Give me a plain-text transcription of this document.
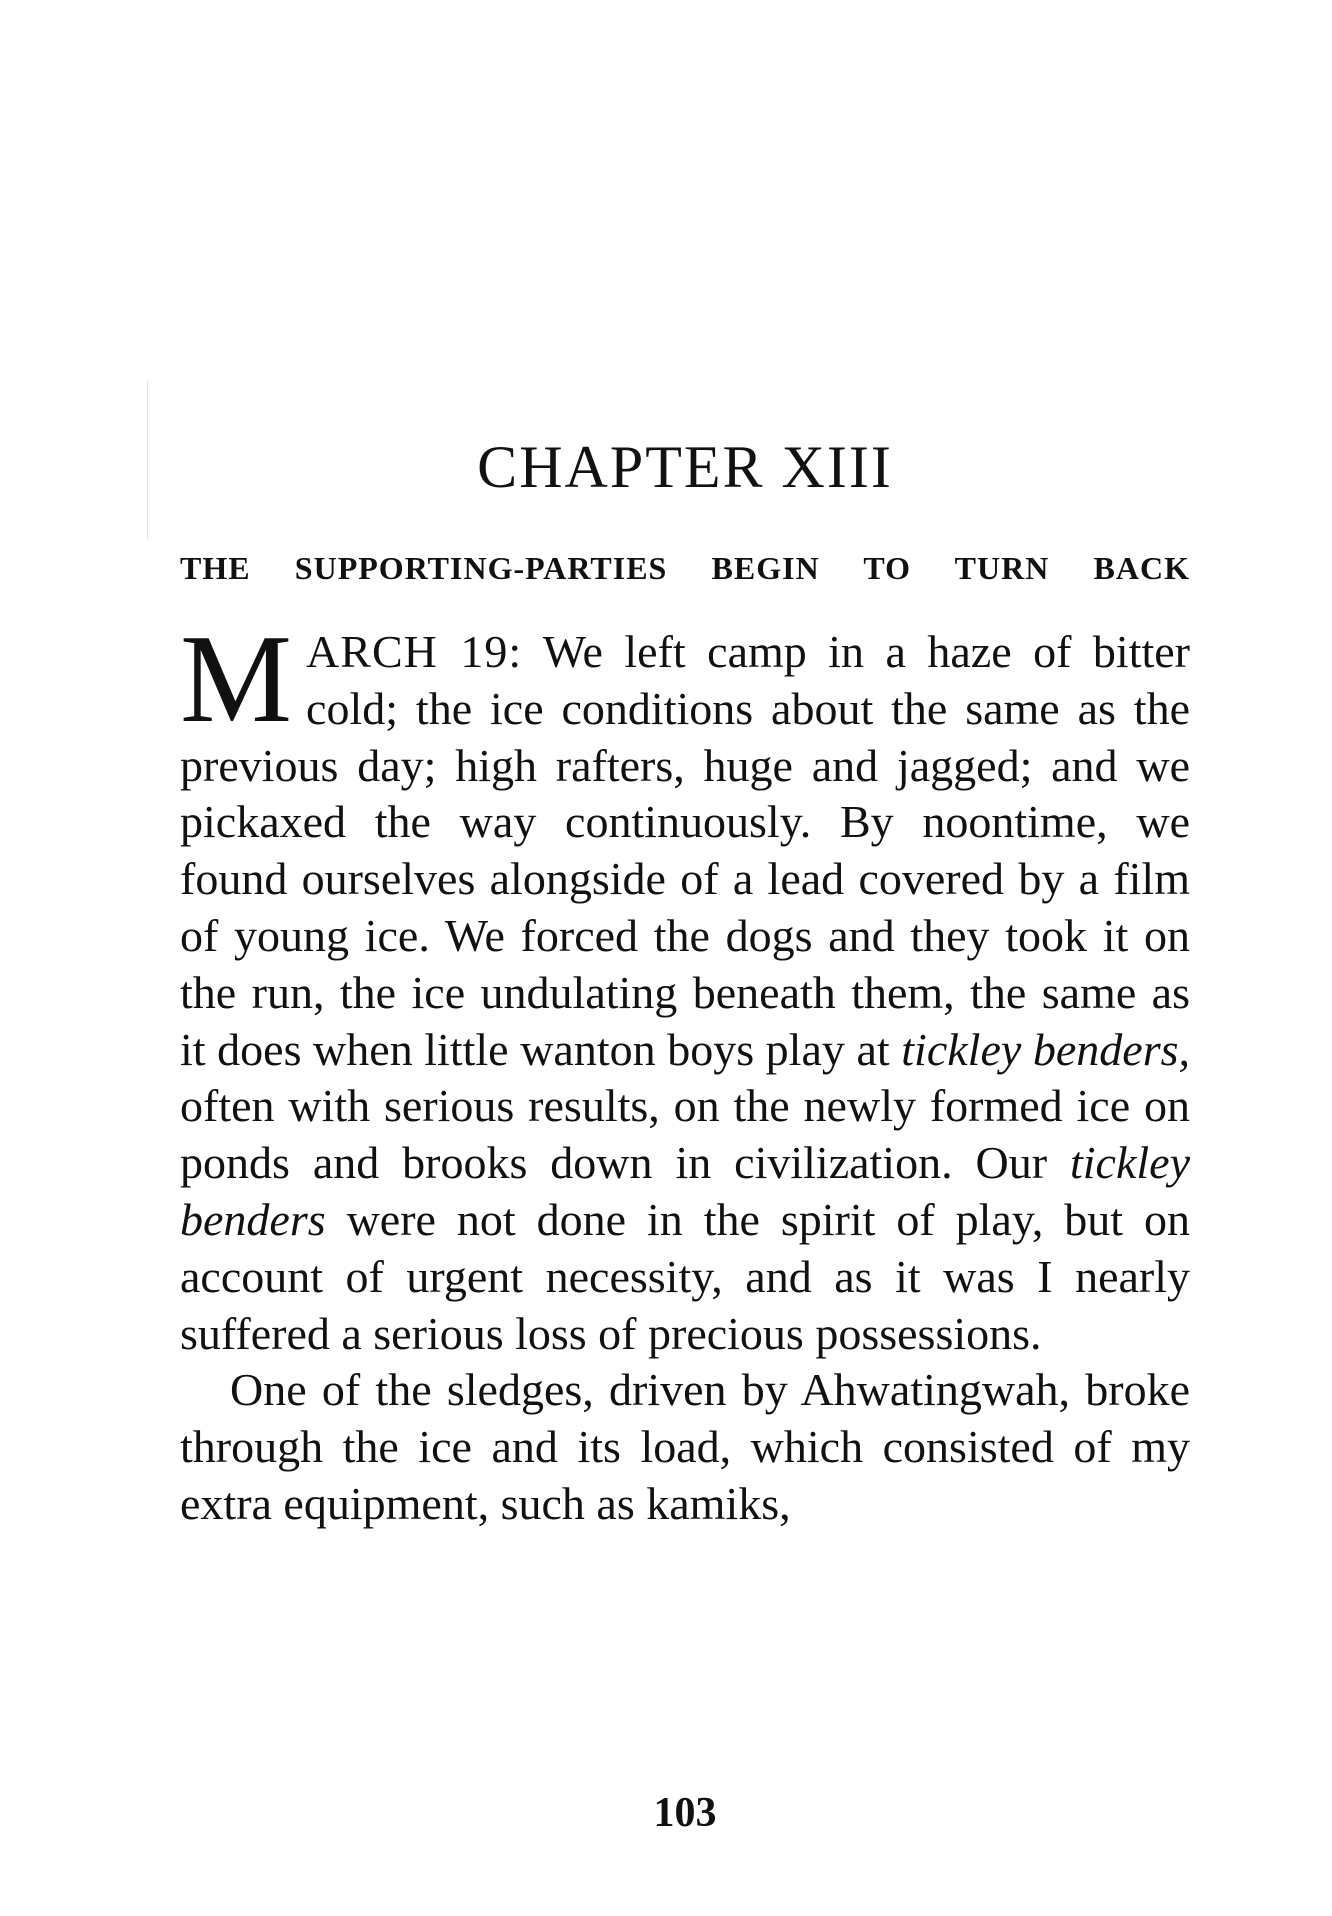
CHAPTER XIII
THE SUPPORTING-PARTIES BEGIN TO TURN BACK

MARCH 19: We left camp in a haze of bitter cold; the ice conditions about the same as the previous day; high rafters, huge and jagged; and we pickaxed the way continuously. By noontime, we found ourselves alongside of a lead covered by a film of young ice. We forced the dogs and they took it on the run, the ice undulating beneath them, the same as it does when little wanton boys play at tickley benders, often with serious results, on the newly formed ice on ponds and brooks down in civilization. Our tickley benders were not done in the spirit of play, but on account of urgent necessity, and as it was I nearly suffered a serious loss of precious possessions.

One of the sledges, driven by Ahwatingwah, broke through the ice and its load, which consisted of my extra equipment, such as kamiks,

103
